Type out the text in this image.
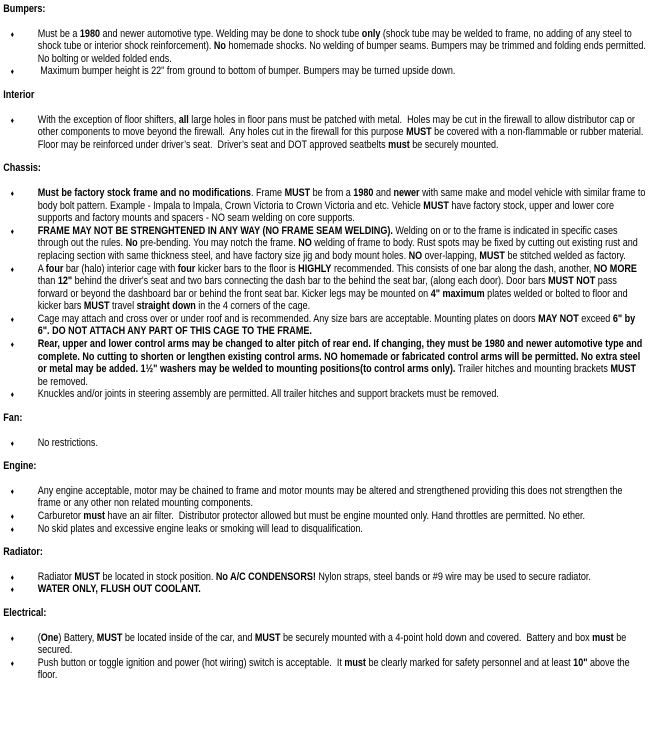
Bumpers:
♦ Must be a 1980 and newer automotive type. Welding may be done to shock tube only (shock tube may be welded to frame, no adding of any steel to shock tube or interior shock reinforcement). No homemade shocks. No welding of bumper seams. Bumpers may be trimmed and folding ends permitted. No bolting or welded folded ends.
♦ Maximum bumper height is 22" from ground to bottom of bumper. Bumpers may be turned upside down.
Interior
♦ With the exception of floor shifters, all large holes in floor pans must be patched with metal.  Holes may be cut in the firewall to allow distributor cap or other components to move beyond the firewall.  Any holes cut in the firewall for this purpose MUST be covered with a non-flammable or rubber material.  Floor may be reinforced under driver’s seat.  Driver’s seat and DOT approved seatbelts must be securely mounted.
Chassis:
♦ Must be factory stock frame and no modifications. Frame MUST be from a 1980 and newer with same make and model vehicle with similar frame to body bolt pattern. Example - Impala to Impala, Crown Victoria to Crown Victoria and etc. Vehicle MUST have factory stock, upper and lower core supports and factory mounts and spacers - NO seam welding on core supports.
♦ FRAME MAY NOT BE STRENGHTENED IN ANY WAY (NO FRAME SEAM WELDING). Welding on or to the frame is indicated in specific cases through out the rules. No pre-bending. You may notch the frame. NO welding of frame to body. Rust spots may be fixed by cutting out existing rust and replacing section with same thickness steel, and have factory size jig and body mount holes. NO over-lapping, MUST be stitched welded as factory.
♦ A four bar (halo) interior cage with four kicker bars to the floor is HIGHLY recommended. This consists of one bar along the dash, another, NO MORE than 12" behind the driver's seat and two bars connecting the dash bar to the behind the seat bar, (along each door). Door bars MUST NOT pass forward or beyond the dashboard bar or behind the front seat bar. Kicker legs may be mounted on 4" maximum plates welded or bolted to floor and kicker bars MUST travel straight down in the 4 corners of the cage.
♦ Cage may attach and cross over or under roof and is recommended. Any size bars are acceptable. Mounting plates on doors MAY NOT exceed 6" by 6". DO NOT ATTACH ANY PART OF THIS CAGE TO THE FRAME.
♦ Rear, upper and lower control arms may be changed to alter pitch of rear end. If changing, they must be 1980 and newer automotive type and complete. No cutting to shorten or lengthen existing control arms. NO homemade or fabricated control arms will be permitted. No extra steel or metal may be added. 1½" washers may be welded to mounting positions(to control arms only). Trailer hitches and mounting brackets MUST be removed.
♦ Knuckles and/or joints in steering assembly are permitted. All trailer hitches and support brackets must be removed.
Fan:
♦ No restrictions.
Engine:
♦ Any engine acceptable, motor may be chained to frame and motor mounts may be altered and strengthened providing this does not strengthen the frame or any other non related mounting components.
♦ Carburetor must have an air filter.  Distributor protector allowed but must be engine mounted only. Hand throttles are permitted. No ether.
♦ No skid plates and excessive engine leaks or smoking will lead to disqualification.
Radiator:
♦ Radiator MUST be located in stock position. No A/C CONDENSORS! Nylon straps, steel bands or #9 wire may be used to secure radiator.
♦ WATER ONLY, FLUSH OUT COOLANT.
Electrical:
♦ (One) Battery, MUST be located inside of the car, and MUST be securely mounted with a 4-point hold down and covered.  Battery and box must be secured.
♦ Push button or toggle ignition and power (hot wiring) switch is acceptable.  It must be clearly marked for safety personnel and at least 10" above the floor.
